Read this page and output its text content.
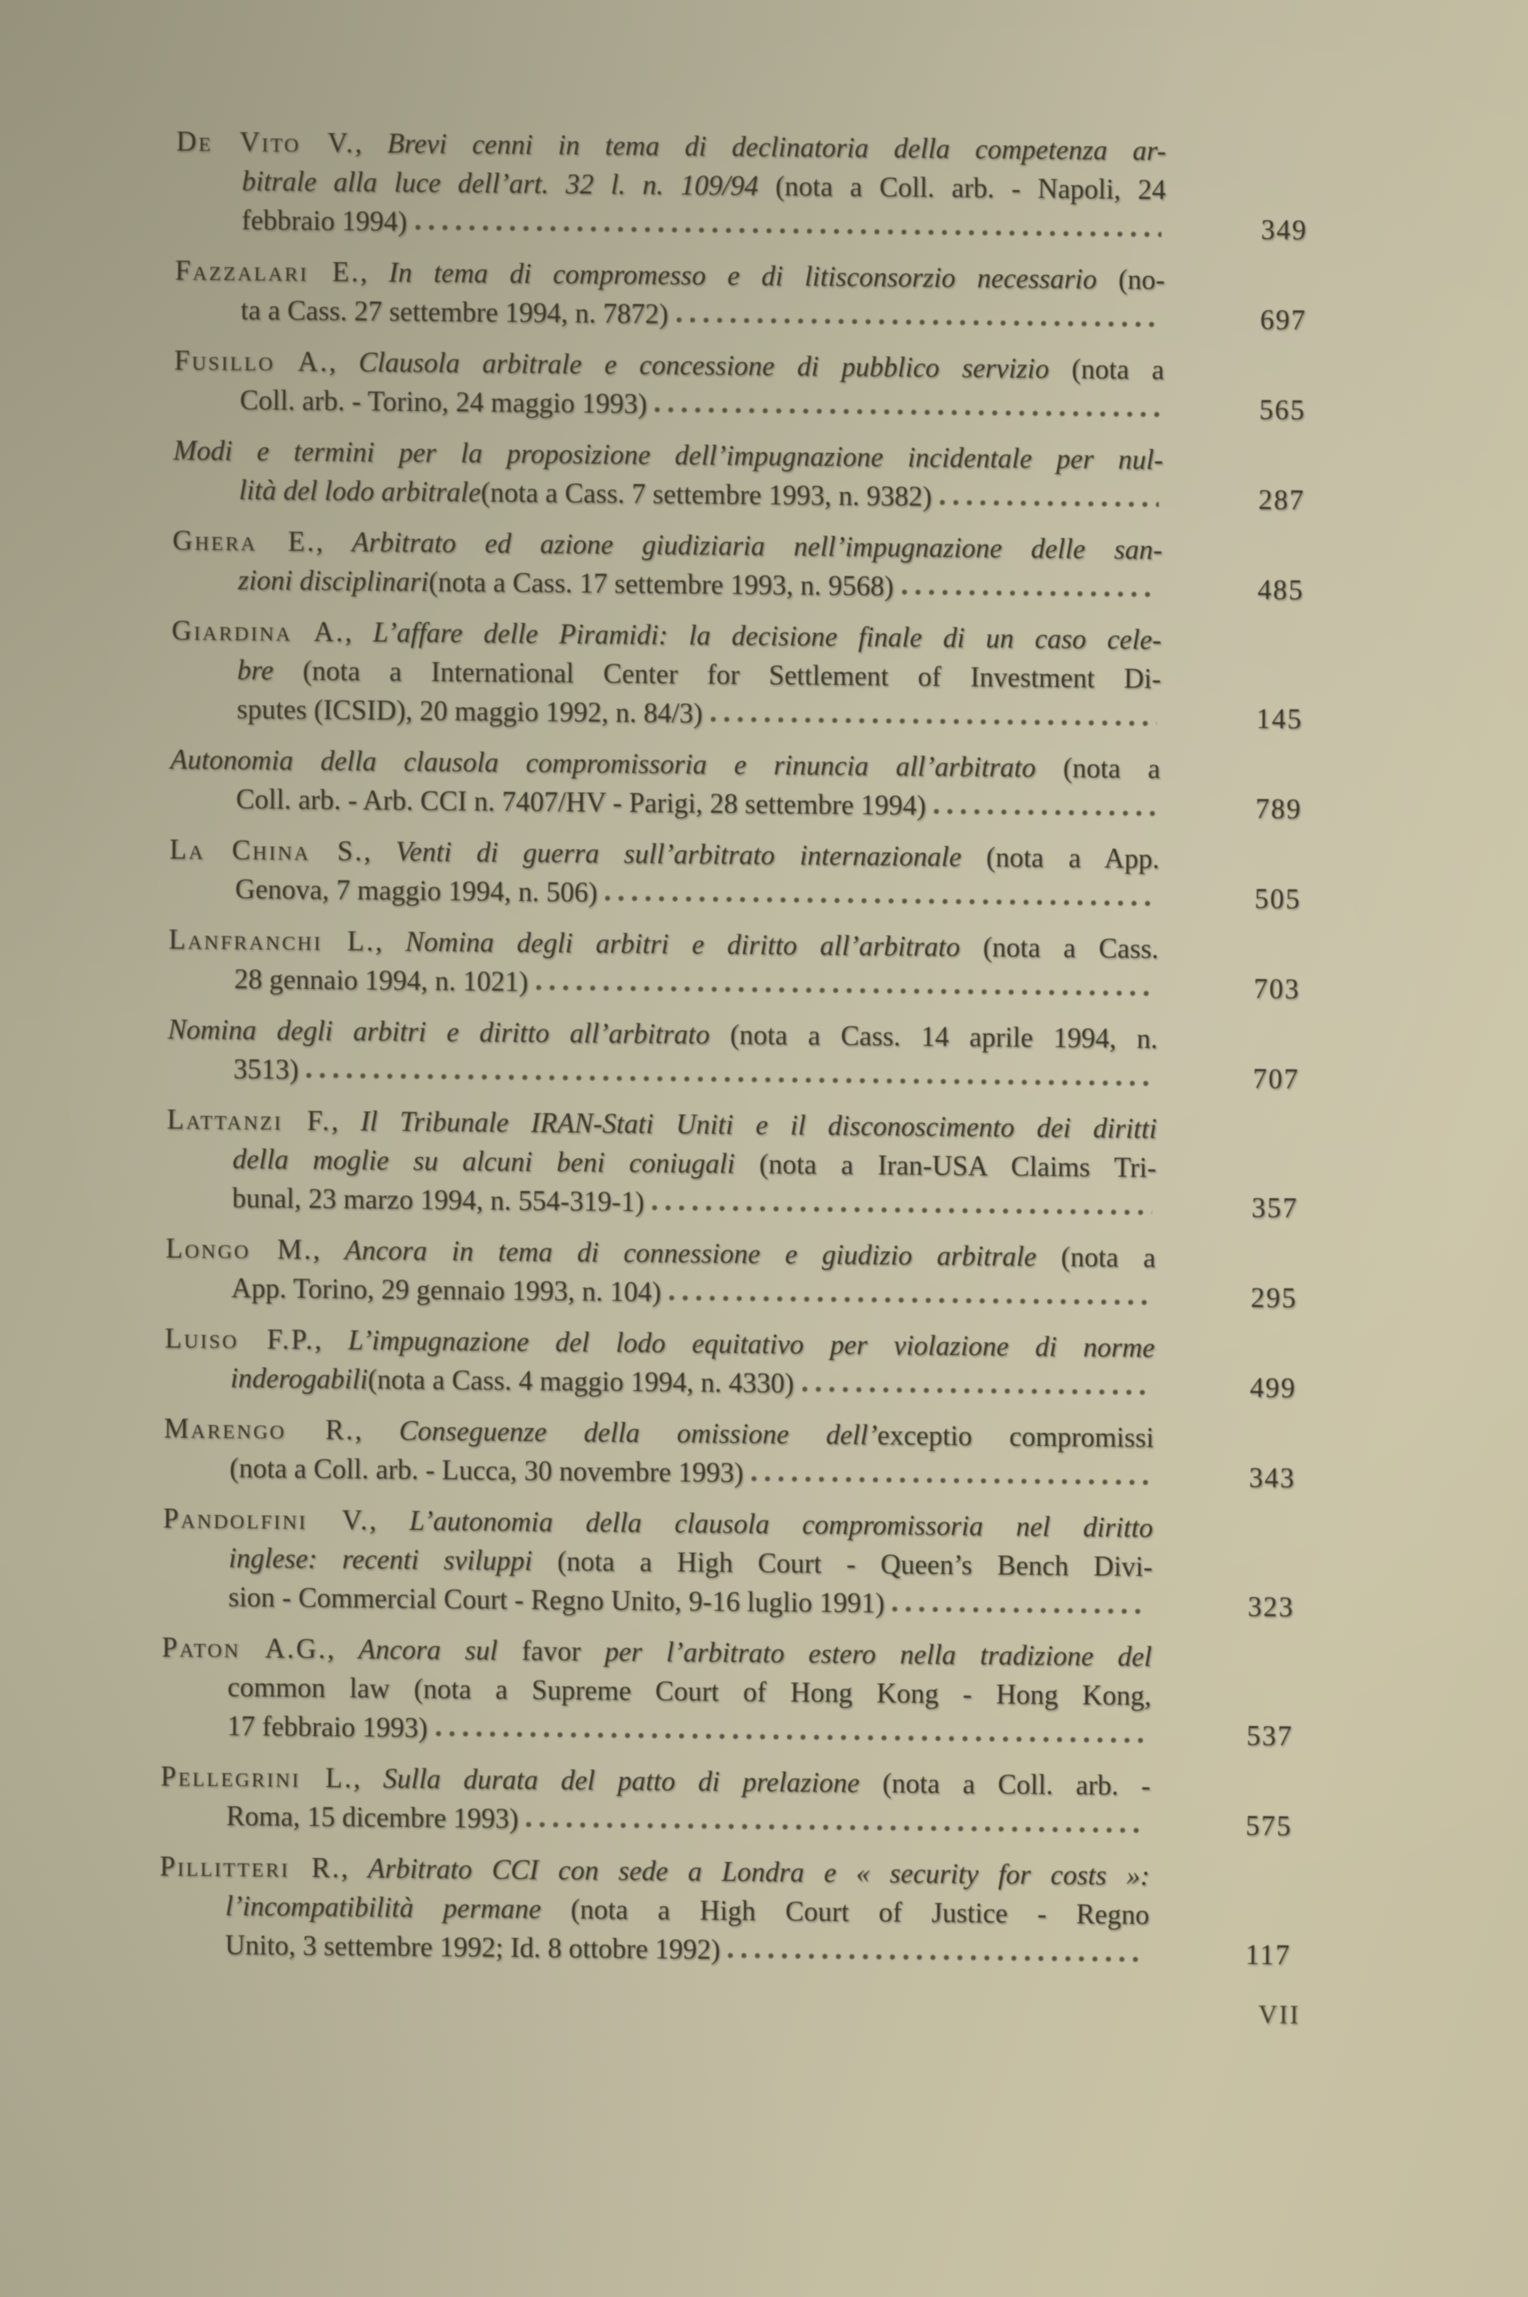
De Vito V., Brevi cenni in tema di declinatoria della competenza ar-
bitrale alla luce dell’art. 32 l. n. 109/94 (nota a Coll. arb. - Napoli, 24
febbraio 1994)	349
Fazzalari E., In tema di compromesso e di litisconsorzio necessario (no-
ta a Cass. 27 settembre 1994, n. 7872)	697
Fusillo A., Clausola arbitrale e concessione di pubblico servizio (nota a
Coll. arb. - Torino, 24 maggio 1993)	565
Modi e termini per la proposizione dell’impugnazione incidentale per nul-
lità del lodo arbitrale (nota a Cass. 7 settembre 1993, n. 9382)	287
Ghera E., Arbitrato ed azione giudiziaria nell’impugnazione delle san-
zioni disciplinari (nota a Cass. 17 settembre 1993, n. 9568)	485
Giardina A., L’affare delle Piramidi: la decisione finale di un caso cele-
bre (nota a International Center for Settlement of Investment Di-
sputes (ICSID), 20 maggio 1992, n. 84/3)	145
Autonomia della clausola compromissoria e rinuncia all’arbitrato (nota a
Coll. arb. - Arb. CCI n. 7407/HV - Parigi, 28 settembre 1994)	789
La China S., Venti di guerra sull’arbitrato internazionale (nota a App.
Genova, 7 maggio 1994, n. 506)	505
Lanfranchi L., Nomina degli arbitri e diritto all’arbitrato (nota a Cass.
28 gennaio 1994, n. 1021)	703
Nomina degli arbitri e diritto all’arbitrato (nota a Cass. 14 aprile 1994, n.
3513)	707
Lattanzi F., Il Tribunale IRAN-Stati Uniti e il disconoscimento dei diritti
della moglie su alcuni beni coniugali (nota a Iran-USA Claims Tri-
bunal, 23 marzo 1994, n. 554-319-1)	357
Longo M., Ancora in tema di connessione e giudizio arbitrale (nota a
App. Torino, 29 gennaio 1993, n. 104)	295
Luiso F.P., L’impugnazione del lodo equitativo per violazione di norme
inderogabili (nota a Cass. 4 maggio 1994, n. 4330)	499
Marengo R., Conseguenze della omissione dell’exceptio compromissi
(nota a Coll. arb. - Lucca, 30 novembre 1993)	343
Pandolfini V., L’autonomia della clausola compromissoria nel diritto
inglese: recenti sviluppi (nota a High Court - Queen’s Bench Divi-
sion - Commercial Court - Regno Unito, 9-16 luglio 1991)	323
Paton A.G., Ancora sul favor per l’arbitrato estero nella tradizione del
common law (nota a Supreme Court of Hong Kong - Hong Kong,
17 febbraio 1993)	537
Pellegrini L., Sulla durata del patto di prelazione (nota a Coll. arb. -
Roma, 15 dicembre 1993)	575
Pillitteri R., Arbitrato CCI con sede a Londra e « security for costs »:
l’incompatibilità permane (nota a High Court of Justice - Regno
Unito, 3 settembre 1992; Id. 8 ottobre 1992)	117
VII
